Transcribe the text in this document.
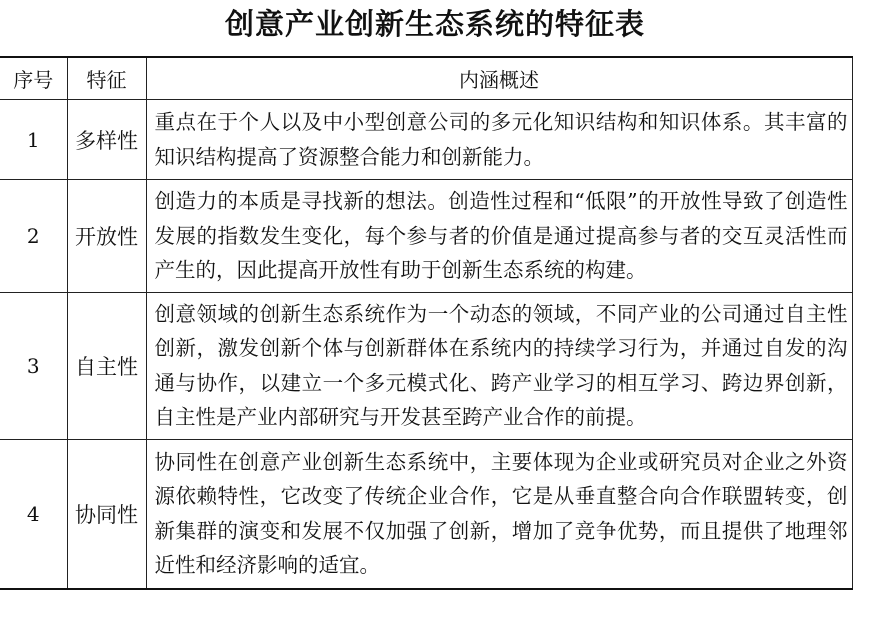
创意产业创新生态系统的特征表
序号	特征	内涵概述
1	多样性	重点在于个人以及中小型创意公司的多元化知识结构和知识体系。其丰富的知识结构提高了资源整合能力和创新能力。
2	开放性	创造力的本质是寻找新的想法。创造性过程和“低限”的开放性导致了创造性发展的指数发生变化，每个参与者的价值是通过提高参与者的交互灵活性而产生的，因此提高开放性有助于创新生态系统的构建。
3	自主性	创意领域的创新生态系统作为一个动态的领域，不同产业的公司通过自主性创新，激发创新个体与创新群体在系统内的持续学习行为，并通过自发的沟通与协作，以建立一个多元模式化、跨产业学习的相互学习、跨边界创新，自主性是产业内部研究与开发甚至跨产业合作的前提。
4	协同性	协同性在创意产业创新生态系统中，主要体现为企业或研究员对企业之外资源依赖特性，它改变了传统企业合作，它是从垂直整合向合作联盟转变，创新集群的演变和发展不仅加强了创新，增加了竞争优势，而且提供了地理邻近性和经济影响的适宜。
